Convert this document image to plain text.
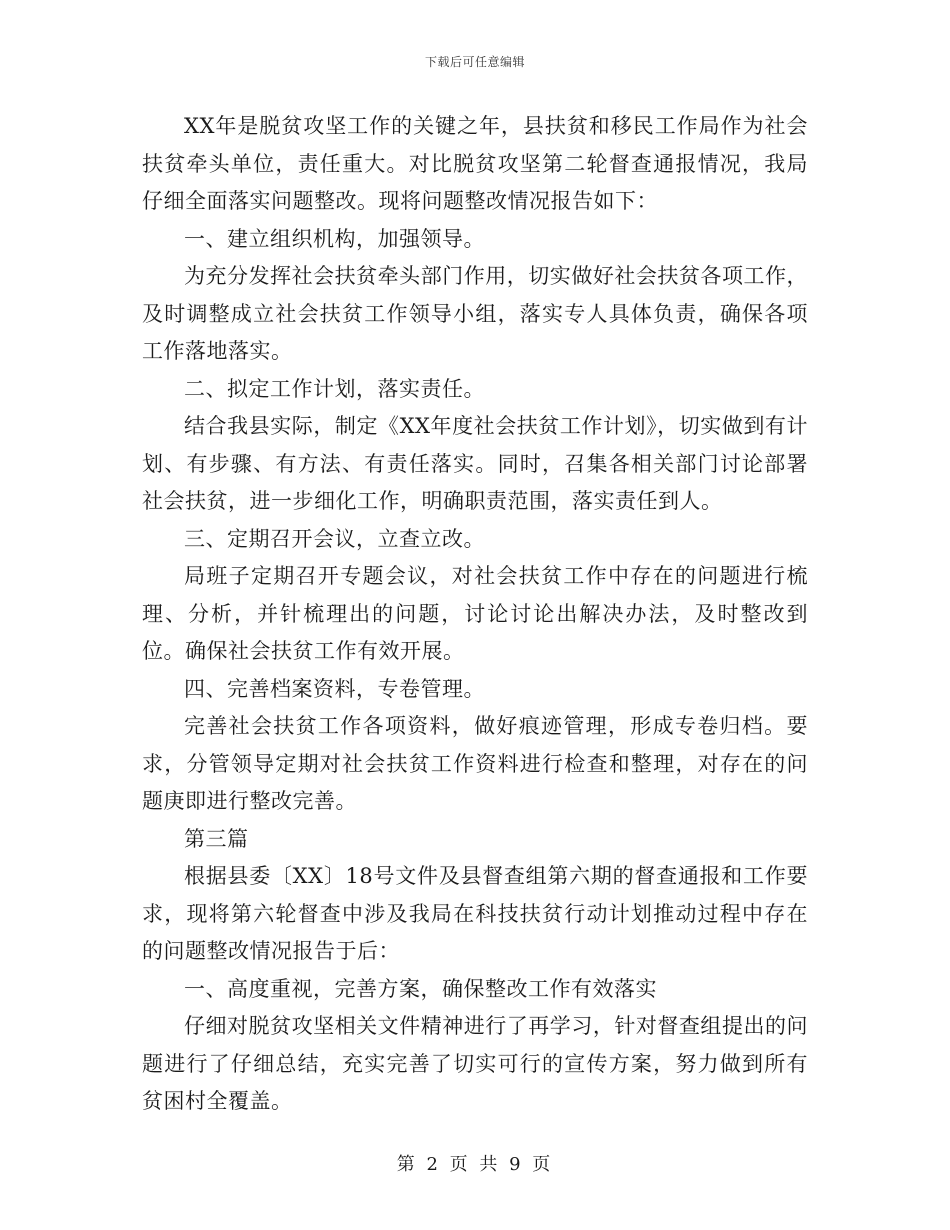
下载后可任意编辑

XX年是脱贫攻坚工作的关键之年，县扶贫和移民工作局作为社会扶贫牵头单位，责任重大。对比脱贫攻坚第二轮督查通报情况，我局仔细全面落实问题整改。现将问题整改情况报告如下：

一、建立组织机构，加强领导。

为充分发挥社会扶贫牵头部门作用，切实做好社会扶贫各项工作，及时调整成立社会扶贫工作领导小组，落实专人具体负责，确保各项工作落地落实。

二、拟定工作计划，落实责任。

结合我县实际，制定《XX年度社会扶贫工作计划》，切实做到有计划、有步骤、有方法、有责任落实。同时，召集各相关部门讨论部署社会扶贫，进一步细化工作，明确职责范围，落实责任到人。

三、定期召开会议，立查立改。

局班子定期召开专题会议，对社会扶贫工作中存在的问题进行梳理、分析，并针梳理出的问题，讨论讨论出解决办法，及时整改到位。确保社会扶贫工作有效开展。

四、完善档案资料，专卷管理。

完善社会扶贫工作各项资料，做好痕迹管理，形成专卷归档。要求，分管领导定期对社会扶贫工作资料进行检查和整理，对存在的问题庚即进行整改完善。

第三篇

根据县委〔XX〕18号文件及县督查组第六期的督查通报和工作要求，现将第六轮督查中涉及我局在科技扶贫行动计划推动过程中存在的问题整改情况报告于后：

一、高度重视，完善方案，确保整改工作有效落实

仔细对脱贫攻坚相关文件精神进行了再学习，针对督查组提出的问题进行了仔细总结，充实完善了切实可行的宣传方案，努力做到所有贫困村全覆盖。

第 2 页 共 9 页
